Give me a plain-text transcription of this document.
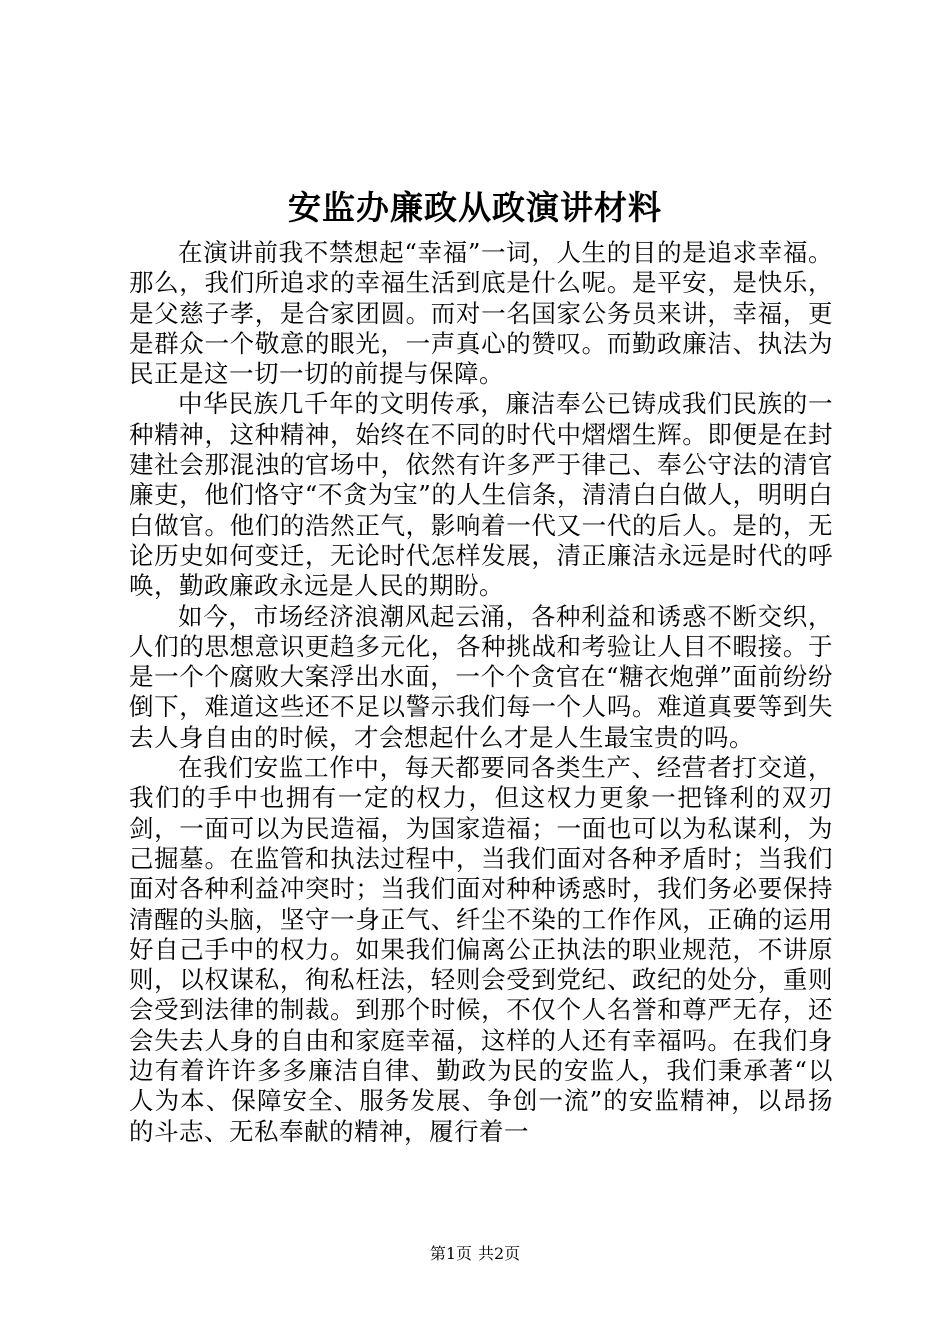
安监办廉政从政演讲材料

在演讲前我不禁想起“幸福”一词，人生的目的是追求幸福。那么，我们所追求的幸福生活到底是什么呢。是平安，是快乐，是父慈子孝，是合家团圆。而对一名国家公务员来讲，幸福，更是群众一个敬意的眼光，一声真心的赞叹。而勤政廉洁、执法为民正是这一切一切的前提与保障。

中华民族几千年的文明传承，廉洁奉公已铸成我们民族的一种精神，这种精神，始终在不同的时代中熠熠生辉。即便是在封建社会那混浊的官场中，依然有许多严于律己、奉公守法的清官廉吏，他们恪守“不贪为宝”的人生信条，清清白白做人，明明白白做官。他们的浩然正气，影响着一代又一代的后人。是的，无论历史如何变迁，无论时代怎样发展，清正廉洁永远是时代的呼唤，勤政廉政永远是人民的期盼。

如今，市场经济浪潮风起云涌，各种利益和诱惑不断交织，人们的思想意识更趋多元化，各种挑战和考验让人目不暇接。于是一个个腐败大案浮出水面，一个个贪官在“糖衣炮弹”面前纷纷倒下，难道这些还不足以警示我们每一个人吗。难道真要等到失去人身自由的时候，才会想起什么才是人生最宝贵的吗。

在我们安监工作中，每天都要同各类生产、经营者打交道，我们的手中也拥有一定的权力，但这权力更象一把锋利的双刃剑，一面可以为民造福，为国家造福；一面也可以为私谋利，为己掘墓。在监管和执法过程中，当我们面对各种矛盾时；当我们面对各种利益冲突时；当我们面对种种诱惑时，我们务必要保持清醒的头脑，坚守一身正气、纤尘不染的工作作风，正确的运用好自己手中的权力。如果我们偏离公正执法的职业规范，不讲原则，以权谋私，徇私枉法，轻则会受到党纪、政纪的处分，重则会受到法律的制裁。到那个时候，不仅个人名誉和尊严无存，还会失去人身的自由和家庭幸福，这样的人还有幸福吗。在我们身边有着许许多多廉洁自律、勤政为民的安监人，我们秉承著“以人为本、保障安全、服务发展、争创一流”的安监精神，以昂扬的斗志、无私奉献的精神，履行着一

第1页 共2页
